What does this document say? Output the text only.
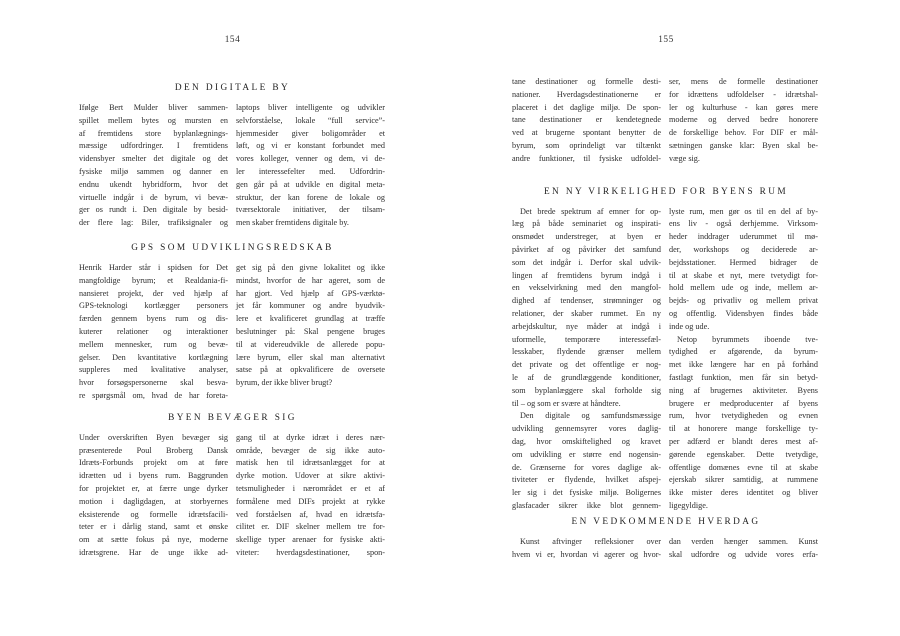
154
DEN DIGITALE BY
Ifølge Bert Mulder bliver sammen-
spillet mellem bytes og mursten en
af fremtidens store byplanlægnings-
mæssige udfordringer. I fremtidens
vidensbyer smelter det digitale og det
fysiske miljø sammen og danner en
endnu ukendt hybridform, hvor det
virtuelle indgår i de byrum, vi bevæ-
ger os rundt i. Den digitale by besid-
der flere lag: Biler, trafiksignaler og
laptops bliver intelligente og udvikler
selvforståelse, lokale “full service”-
hjemmesider giver boligområder et
løft, og vi er konstant forbundet med
vores kolleger, venner og dem, vi de-
ler interessefelter med. Udfordrin-
gen går på at udvikle en digital meta-
struktur, der kan forene de lokale og
tværsektorale initiativer, der tilsam-
men skaber fremtidens digitale by.
GPS SOM UDVIKLINGSREDSKAB
Henrik Harder står i spidsen for Det
mangfoldige byrum; et Realdania-fi-
nansieret projekt, der ved hjælp af
GPS-teknologi kortlægger personers
færden gennem byens rum og dis-
kuterer relationer og interaktioner
mellem mennesker, rum og bevæ-
gelser. Den kvantitative kortlægning
suppleres med kvalitative analyser,
hvor forsøgspersonerne skal besva-
re spørgsmål om, hvad de har foreta-
get sig på den givne lokalitet og ikke
mindst, hvorfor de har ageret, som de
har gjort. Ved hjælp af GPS-værktø-
jet får kommuner og andre byudvik-
lere et kvalificeret grundlag at træffe
beslutninger på: Skal pengene bruges
til at videreudvikle de allerede popu-
lære byrum, eller skal man alternativt
satse på at opkvalificere de oversete
byrum, der ikke bliver brugt?
BYEN BEVÆGER SIG
Under overskriften Byen bevæger sig
præsenterede Poul Broberg Dansk
Idræts-Forbunds projekt om at føre
idrætten ud i byens rum. Baggrunden
for projektet er, at færre unge dyrker
motion i dagligdagen, at storbyernes
eksisterende og formelle idrætsfacili-
teter er i dårlig stand, samt et ønske
om at sætte fokus på nye, moderne
idrætsgrene. Har de unge ikke ad-
gang til at dyrke idræt i deres nær-
område, bevæger de sig ikke auto-
matisk hen til idrætsanlægget for at
dyrke motion. Udover at sikre aktivi-
tetsmuligheder i nærområdet er et af
formålene med DIFs projekt at rykke
ved forståelsen af, hvad en idrætsfa-
cilitet er. DIF skelner mellem tre for-
skellige typer arenaer for fysiske akti-
viteter: hverdagsdestinationer, spon-
155
tane destinationer og formelle desti-
nationer. Hverdagsdestinationerne er
placeret i det daglige miljø. De spon-
tane destinationer er kendetegnede
ved at brugerne spontant benytter de
byrum, som oprindeligt var tiltænkt
andre funktioner, til fysiske udfoldel-
ser, mens de formelle destinationer
for idrættens udfoldelser - idrætshal-
ler og kulturhuse - kan gøres mere
moderne og derved bedre honorere
de forskellige behov. For DIF er mål-
sætningen ganske klar: Byen skal be-
væge sig.
EN NY VIRKELIGHED FOR BYENS RUM
Det brede spektrum af emner for op-
læg på både seminariet og inspirati-
onsmødet understreger, at byen er
påvirket af og påvirker det samfund
som det indgår i. Derfor skal udvik-
lingen af fremtidens byrum indgå i
en vekselvirkning med den mangfol-
dighed af tendenser, strømninger og
relationer, der skaber rummet. En ny
arbejdskultur, nye måder at indgå i
uformelle, temporære interessefæl-
lesskaber, flydende grænser mellem
det private og det offentlige er nog-
le af de grundlæggende konditioner,
som byplanlæggere skal forholde sig
til – og som er svære at håndtere.
Den digitale og samfundsmæssige
udvikling gennemsyrer vores daglig-
dag, hvor omskiftelighed og kravet
om udvikling er større end nogensin-
de. Grænserne for vores daglige ak-
tiviteter er flydende, hvilket afspej-
ler sig i det fysiske miljø. Boligernes
glasfacader sikrer ikke blot gennem-
lyste rum, men gør os til en del af by-
ens liv - også derhjemme. Virksom-
heder inddrager uderummet til mø-
der, workshops og deciderede ar-
bejdsstationer. Hermed bidrager de
til at skabe et nyt, mere tvetydigt for-
hold mellem ude og inde, mellem ar-
bejds- og privatliv og mellem privat
og offentlig. Vidensbyen findes både
inde og ude.
Netop byrummets iboende tve-
tydighed er afgørende, da byrum-
met ikke længere har en på forhånd
fastlagt funktion, men får sin betyd-
ning af brugernes aktiviteter. Byens
brugere er medproducenter af byens
rum, hvor tvetydigheden og evnen
til at honorere mange forskellige ty-
per adfærd er blandt deres mest af-
gørende egenskaber. Dette tvetydige,
offentlige domænes evne til at skabe
ejerskab sikrer samtidig, at rummene
ikke mister deres identitet og bliver
ligegyldige.
EN VEDKOMMENDE HVERDAG
Kunst aftvinger refleksioner over
hvem vi er, hvordan vi agerer og hvor-
dan verden hænger sammen. Kunst
skal udfordre og udvide vores erfa-
